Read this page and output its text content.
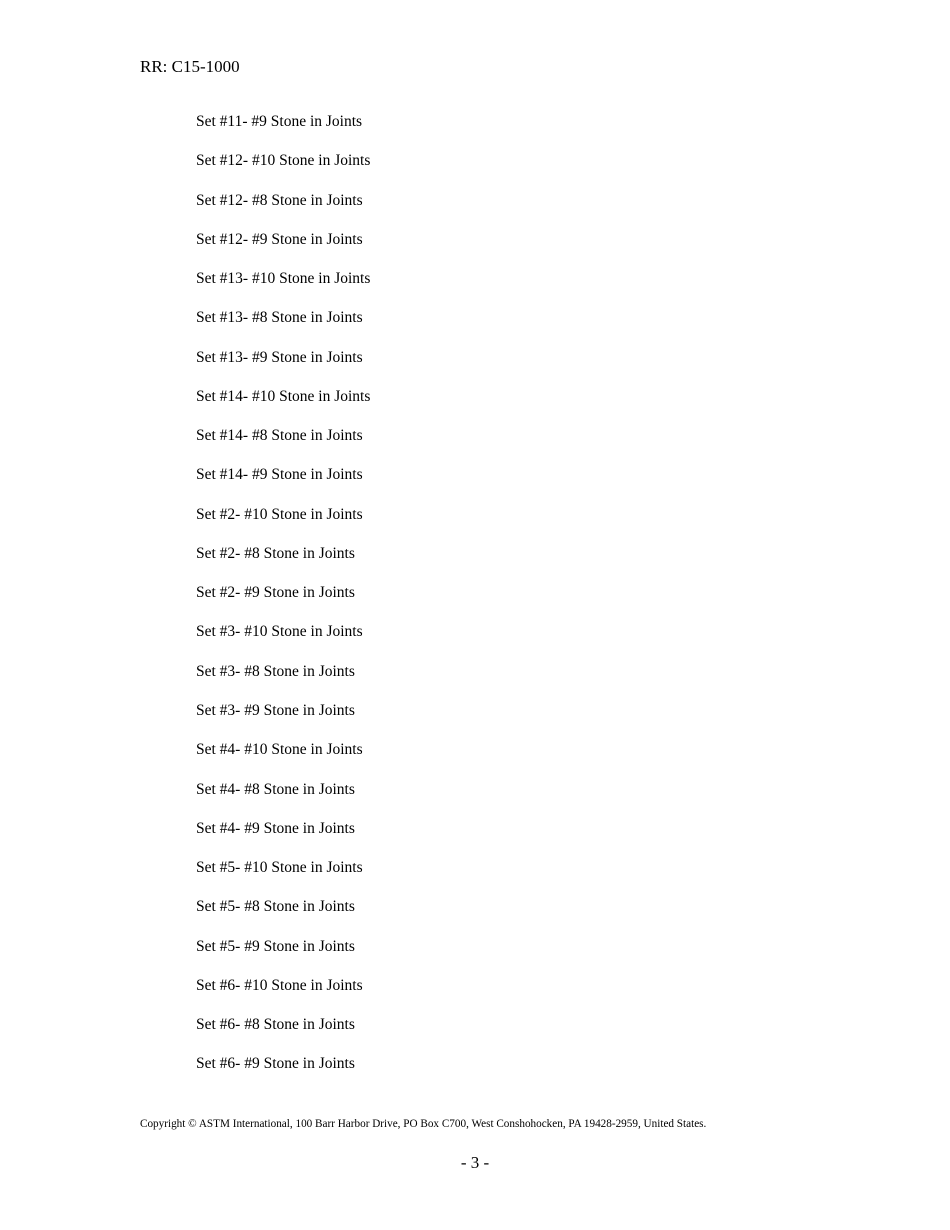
RR: C15-1000
Set #11- #9 Stone in Joints
Set #12- #10 Stone in Joints
Set #12- #8 Stone in Joints
Set #12- #9 Stone in Joints
Set #13- #10 Stone in Joints
Set #13- #8 Stone in Joints
Set #13- #9 Stone in Joints
Set #14- #10 Stone in Joints
Set #14- #8 Stone in Joints
Set #14- #9 Stone in Joints
Set #2- #10 Stone in Joints
Set #2- #8 Stone in Joints
Set #2- #9 Stone in Joints
Set #3- #10 Stone in Joints
Set #3- #8 Stone in Joints
Set #3- #9 Stone in Joints
Set #4- #10 Stone in Joints
Set #4- #8 Stone in Joints
Set #4- #9 Stone in Joints
Set #5- #10 Stone in Joints
Set #5- #8 Stone in Joints
Set #5- #9 Stone in Joints
Set #6- #10 Stone in Joints
Set #6- #8 Stone in Joints
Set #6- #9 Stone in Joints
Copyright © ASTM International, 100 Barr Harbor Drive, PO Box C700, West Conshohocken, PA 19428-2959, United States.
- 3 -
